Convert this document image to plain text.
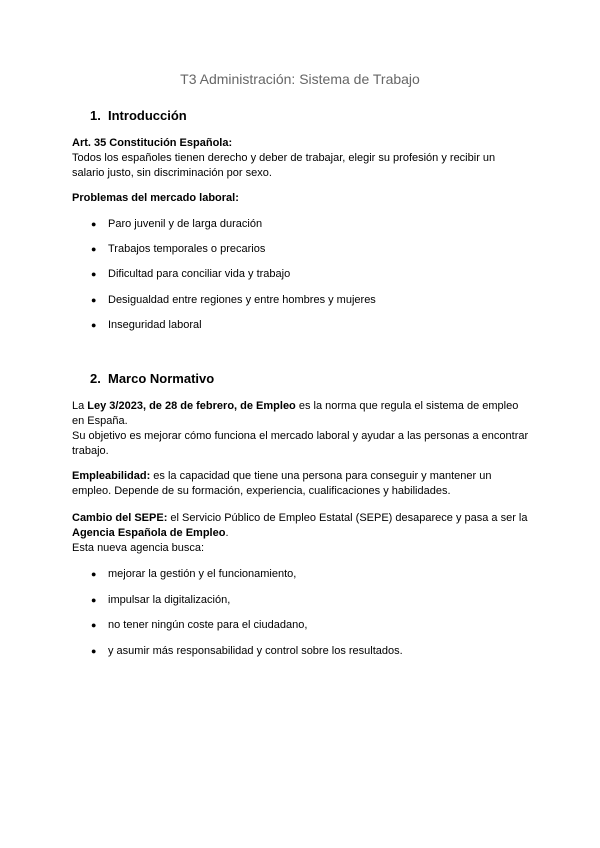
T3 Administración: Sistema de Trabajo
1. Introducción
Art. 35 Constitución Española:
Todos los españoles tienen derecho y deber de trabajar, elegir su profesión y recibir un salario justo, sin discriminación por sexo.
Problemas del mercado laboral:
● Paro juvenil y de larga duración
● Trabajos temporales o precarios
● Dificultad para conciliar vida y trabajo
● Desigualdad entre regiones y entre hombres y mujeres
● Inseguridad laboral
2. Marco Normativo
La Ley 3/2023, de 28 de febrero, de Empleo es la norma que regula el sistema de empleo en España.
Su objetivo es mejorar cómo funciona el mercado laboral y ayudar a las personas a encontrar trabajo.
Empleabilidad: es la capacidad que tiene una persona para conseguir y mantener un empleo. Depende de su formación, experiencia, cualificaciones y habilidades.
Cambio del SEPE: el Servicio Público de Empleo Estatal (SEPE) desaparece y pasa a ser la Agencia Española de Empleo.
Esta nueva agencia busca:
● mejorar la gestión y el funcionamiento,
● impulsar la digitalización,
● no tener ningún coste para el ciudadano,
● y asumir más responsabilidad y control sobre los resultados.
